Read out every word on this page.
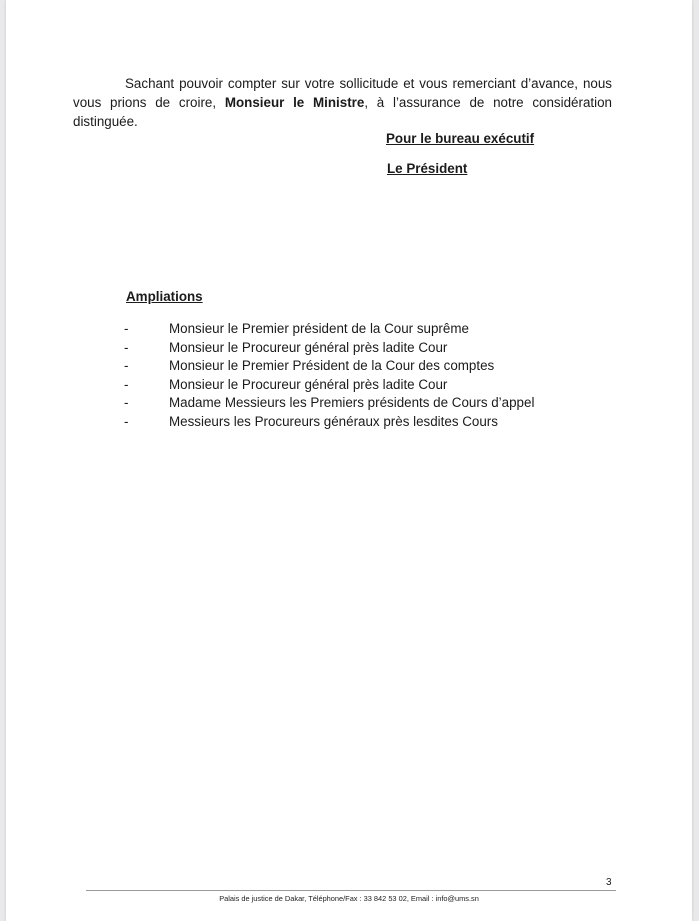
Sachant pouvoir compter sur votre sollicitude et vous remerciant d’avance, nous vous prions de croire, Monsieur le Ministre, à l’assurance de notre considération distinguée.

Pour le bureau exécutif
Le Président
Ampliations
-	Monsieur le Premier président de la Cour suprême
-	Monsieur le Procureur général près ladite Cour
-	Monsieur le Premier Président de la Cour des comptes
-	Monsieur le Procureur général près ladite Cour
-	Madame Messieurs les Premiers présidents de Cours d’appel
-	Messieurs les Procureurs généraux près lesdites Cours
3
Palais de justice de Dakar, Téléphone/Fax : 33 842 53 02, Email : info@ums.sn
